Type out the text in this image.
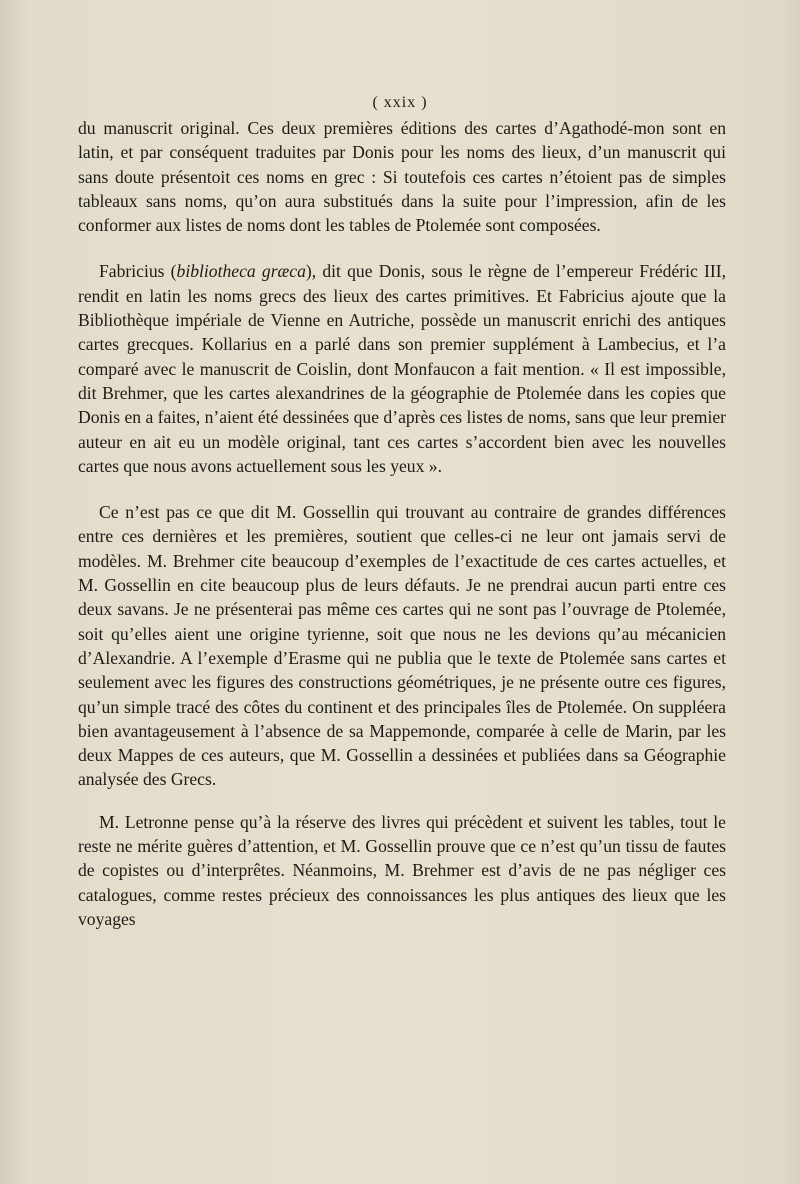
( xxix )

du manuscrit original. Ces deux premières éditions des cartes d’Agathodé-mon sont en latin, et par conséquent traduites par Donis pour les noms des lieux, d’un manuscrit qui sans doute présentoit ces noms en grec : Si toutefois ces cartes n’étoient pas de simples tableaux sans noms, qu’on aura substitués dans la suite pour l’impression, afin de les conformer aux listes de noms dont les tables de Ptolemée sont composées.

Fabricius (bibliotheca græca), dit que Donis, sous le règne de l’empereur Frédéric III, rendit en latin les noms grecs des lieux des cartes primitives. Et Fabricius ajoute que la Bibliothèque impériale de Vienne en Autriche, possède un manuscrit enrichi des antiques cartes grecques. Kollarius en a parlé dans son premier supplément à Lambecius, et l’a comparé avec le manuscrit de Coislin, dont Monfaucon a fait mention. « Il est impossible, dit Brehmer, que les cartes alexandrines de la géographie de Ptolemée dans les copies que Donis en a faites, n’aient été dessinées que d’après ces listes de noms, sans que leur premier auteur en ait eu un modèle original, tant ces cartes s’accordent bien avec les nouvelles cartes que nous avons actuellement sous les yeux ».

Ce n’est pas ce que dit M. Gossellin qui trouvant au contraire de grandes différences entre ces dernières et les premières, soutient que celles-ci ne leur ont jamais servi de modèles. M. Brehmer cite beaucoup d’exemples de l’exactitude de ces cartes actuelles, et M. Gossellin en cite beaucoup plus de leurs défauts. Je ne prendrai aucun parti entre ces deux savans. Je ne présenterai pas même ces cartes qui ne sont pas l’ouvrage de Ptolemée, soit qu’elles aient une origine tyrienne, soit que nous ne les devions qu’au mécanicien d’Alexandrie. A l’exemple d’Erasme qui ne publia que le texte de Ptolemée sans cartes et seulement avec les figures des constructions géométriques, je ne présente outre ces figures, qu’un simple tracé des côtes du continent et des principales îles de Ptolemée. On suppléera bien avantageusement à l’absence de sa Mappemonde, comparée à celle de Marin, par les deux Mappes de ces auteurs, que M. Gossellin a dessinées et publiées dans sa Géographie analysée des Grecs.

M. Letronne pense qu’à la réserve des livres qui précèdent et suivent les tables, tout le reste ne mérite guères d’attention, et M. Gossellin prouve que ce n’est qu’un tissu de fautes de copistes ou d’interprêtes. Néanmoins, M. Brehmer est d’avis de ne pas négliger ces catalogues, comme restes précieux des connoissances les plus antiques des lieux que les voyages
